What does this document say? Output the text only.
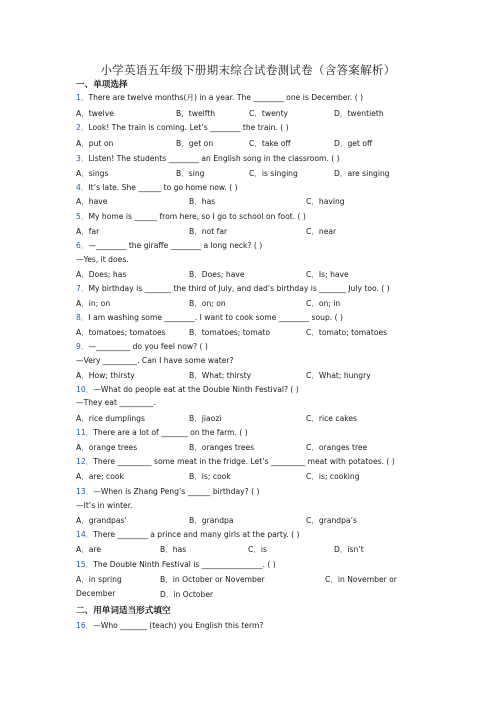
小学英语五年级下册期末综合试卷测试卷（含答案解析）
一、单项选择
1．There are twelve months(月) in a year. The ________ one is December. ( )
A．twelve	B．twelfth	C．twenty	D．twentieth
2．Look! The train is coming. Let’s ________ the train. ( )
A．put on	B．get on	C．take off	D．get off
3．Listen! The students ________ an English song in the classroom. ( )
A．sings	B．sing	C．is singing	D．are singing
4．It’s late. She ______ to go home now. ( )
A．have	B．has	C．having
5．My home is ______ from here, so I go to school on foot. ( )
A．far	B．not far	C．near
6．—________ the giraffe ________ a long neck? ( )
—Yes, it does.
A．Does; has	B．Does; have	C．Is; have
7．My birthday is _______ the third of July, and dad’s birthday is _______ July too. ( )
A．in; on	B．on; on	C．on; in
8．I am washing some ________. I want to cook some ________ soup. ( )
A．tomatoes; tomatoes	B．tomatoes; tomato	C．tomato; tomatoes
9．—_________ do you feel now? ( )
—Very _________. Can I have some water?
A．How; thirsty	B．What; thirsty	C．What; hungry
10．—What do people eat at the Double Ninth Festival? ( )
—They eat _________.
A．rice dumplings	B．jiaozi	C．rice cakes
11．There are a lot of _______ on the farm. ( )
A．orange trees	B．oranges trees	C．oranges tree
12．There _________ some meat in the fridge. Let’s _________ meat with potatoes. ( )
A．are; cook	B．is; cook	C．is; cooking
13．—When is Zhang Peng’s ______ birthday? ( )
—It’s in winter.
A．grandpas’	B．grandpa	C．grandpa’s
14．There ________ a prince and many girls at the party. ( )
A．are	B．has	C．is	D．isn’t
15．The Double Ninth Festival is ________________. ( )
A．in spring	B．in October or November	C．in November or
December	D．in October
二、用单词适当形式填空
16．—Who _______ (teach) you English this term?
